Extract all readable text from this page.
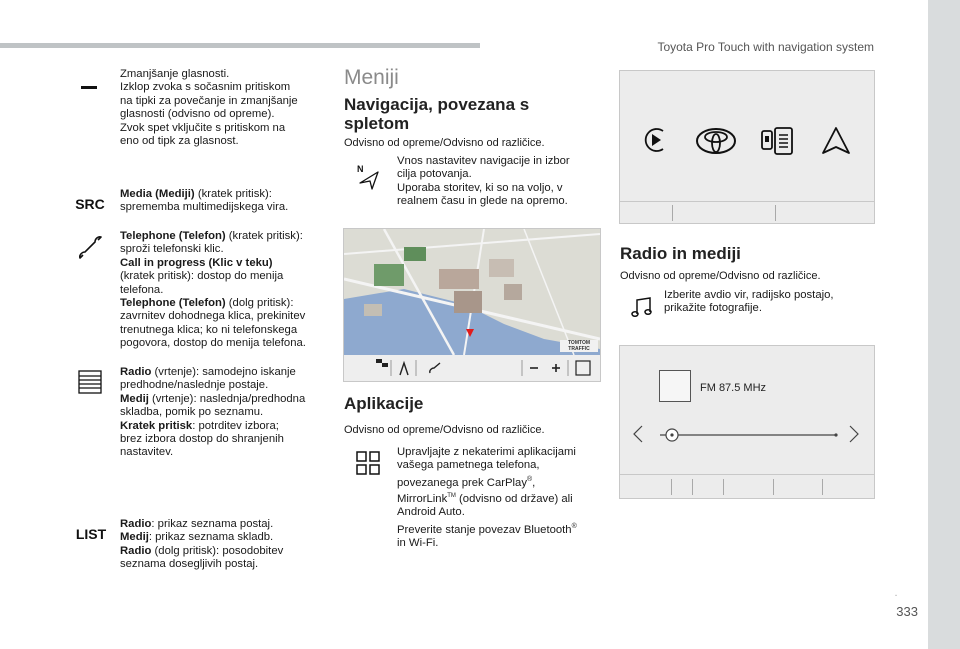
Toyota Pro Touch with navigation system
Zmanjšanje glasnosti.
Izklop zvoka s sočasnim pritiskom
na tipki za povečanje in zmanjšanje
glasnosti (odvisno od opreme).
Zvok spet vključite s pritiskom na
eno od tipk za glasnost.
SRC
Media (Mediji) (kratek pritisk):
sprememba multimedijskega vira.
Telephone (Telefon) (kratek pritisk):
sproži telefonski klic.
Call in progress (Klic v teku)
(kratek pritisk): dostop do menija
telefona.
Telephone (Telefon) (dolg pritisk):
zavrnitev dohodnega klica, prekinitev
trenutnega klica; ko ni telefonskega
pogovora, dostop do menija telefona.
Radio (vrtenje): samodejno iskanje
predhodne/naslednje postaje.
Medij (vrtenje): naslednja/predhodna
skladba, pomik po seznamu.
Kratek pritisk: potrditev izbora;
brez izbora dostop do shranjenih
nastavitev.
LIST
Radio: prikaz seznama postaj.
Medij: prikaz seznama skladb.
Radio (dolg pritisk): posodobitev
seznama dosegljivih postaj.
Meniji
Navigacija, povezana s
spletom
Odvisno od opreme/Odvisno od različice.
N
Vnos nastavitev navigacije in izbor
cilja potovanja.
Uporaba storitev, ki so na voljo, v
realnem času in glede na opremo.
TOMTOM TRAFFIC
Aplikacije
Odvisno od opreme/Odvisno od različice.
Upravljajte z nekaterimi aplikacijami
vašega pametnega telefona,
povezanega prek CarPlay®,
MirrorLink™ (odvisno od države) ali
Android Auto.
Preverite stanje povezav Bluetooth®
in Wi-Fi.
Radio in mediji
Odvisno od opreme/Odvisno od različice.
Izberite avdio vir, radijsko postajo,
prikažite fotografije.
FM 87.5 MHz
.
333
